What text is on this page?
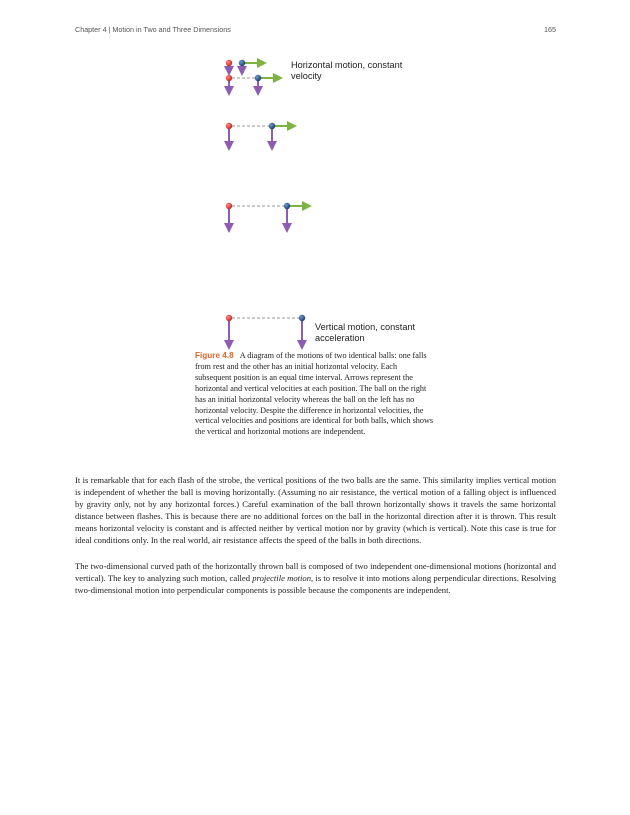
Chapter 4 | Motion in Two and Three Dimensions	165
Horizontal motion, constant velocity
Vertical motion, constant acceleration
Figure 4.8 A diagram of the motions of two identical balls: one falls from rest and the other has an initial horizontal velocity. Each subsequent position is an equal time interval. Arrows represent the horizontal and vertical velocities at each position. The ball on the right has an initial horizontal velocity whereas the ball on the left has no horizontal velocity. Despite the difference in horizontal velocities, the vertical velocities and positions are identical for both balls, which shows the vertical and horizontal motions are independent.

It is remarkable that for each flash of the strobe, the vertical positions of the two balls are the same. This similarity implies vertical motion is independent of whether the ball is moving horizontally. (Assuming no air resistance, the vertical motion of a falling object is influenced by gravity only, not by any horizontal forces.) Careful examination of the ball thrown horizontally shows it travels the same horizontal distance between flashes. This is because there are no additional forces on the ball in the horizontal direction after it is thrown. This result means horizontal velocity is constant and is affected neither by vertical motion nor by gravity (which is vertical). Note this case is true for ideal conditions only. In the real world, air resistance affects the speed of the balls in both directions.

The two-dimensional curved path of the horizontally thrown ball is composed of two independent one-dimensional motions (horizontal and vertical). The key to analyzing such motion, called projectile motion, is to resolve it into motions along perpendicular directions. Resolving two-dimensional motion into perpendicular components is possible because the components are independent.
